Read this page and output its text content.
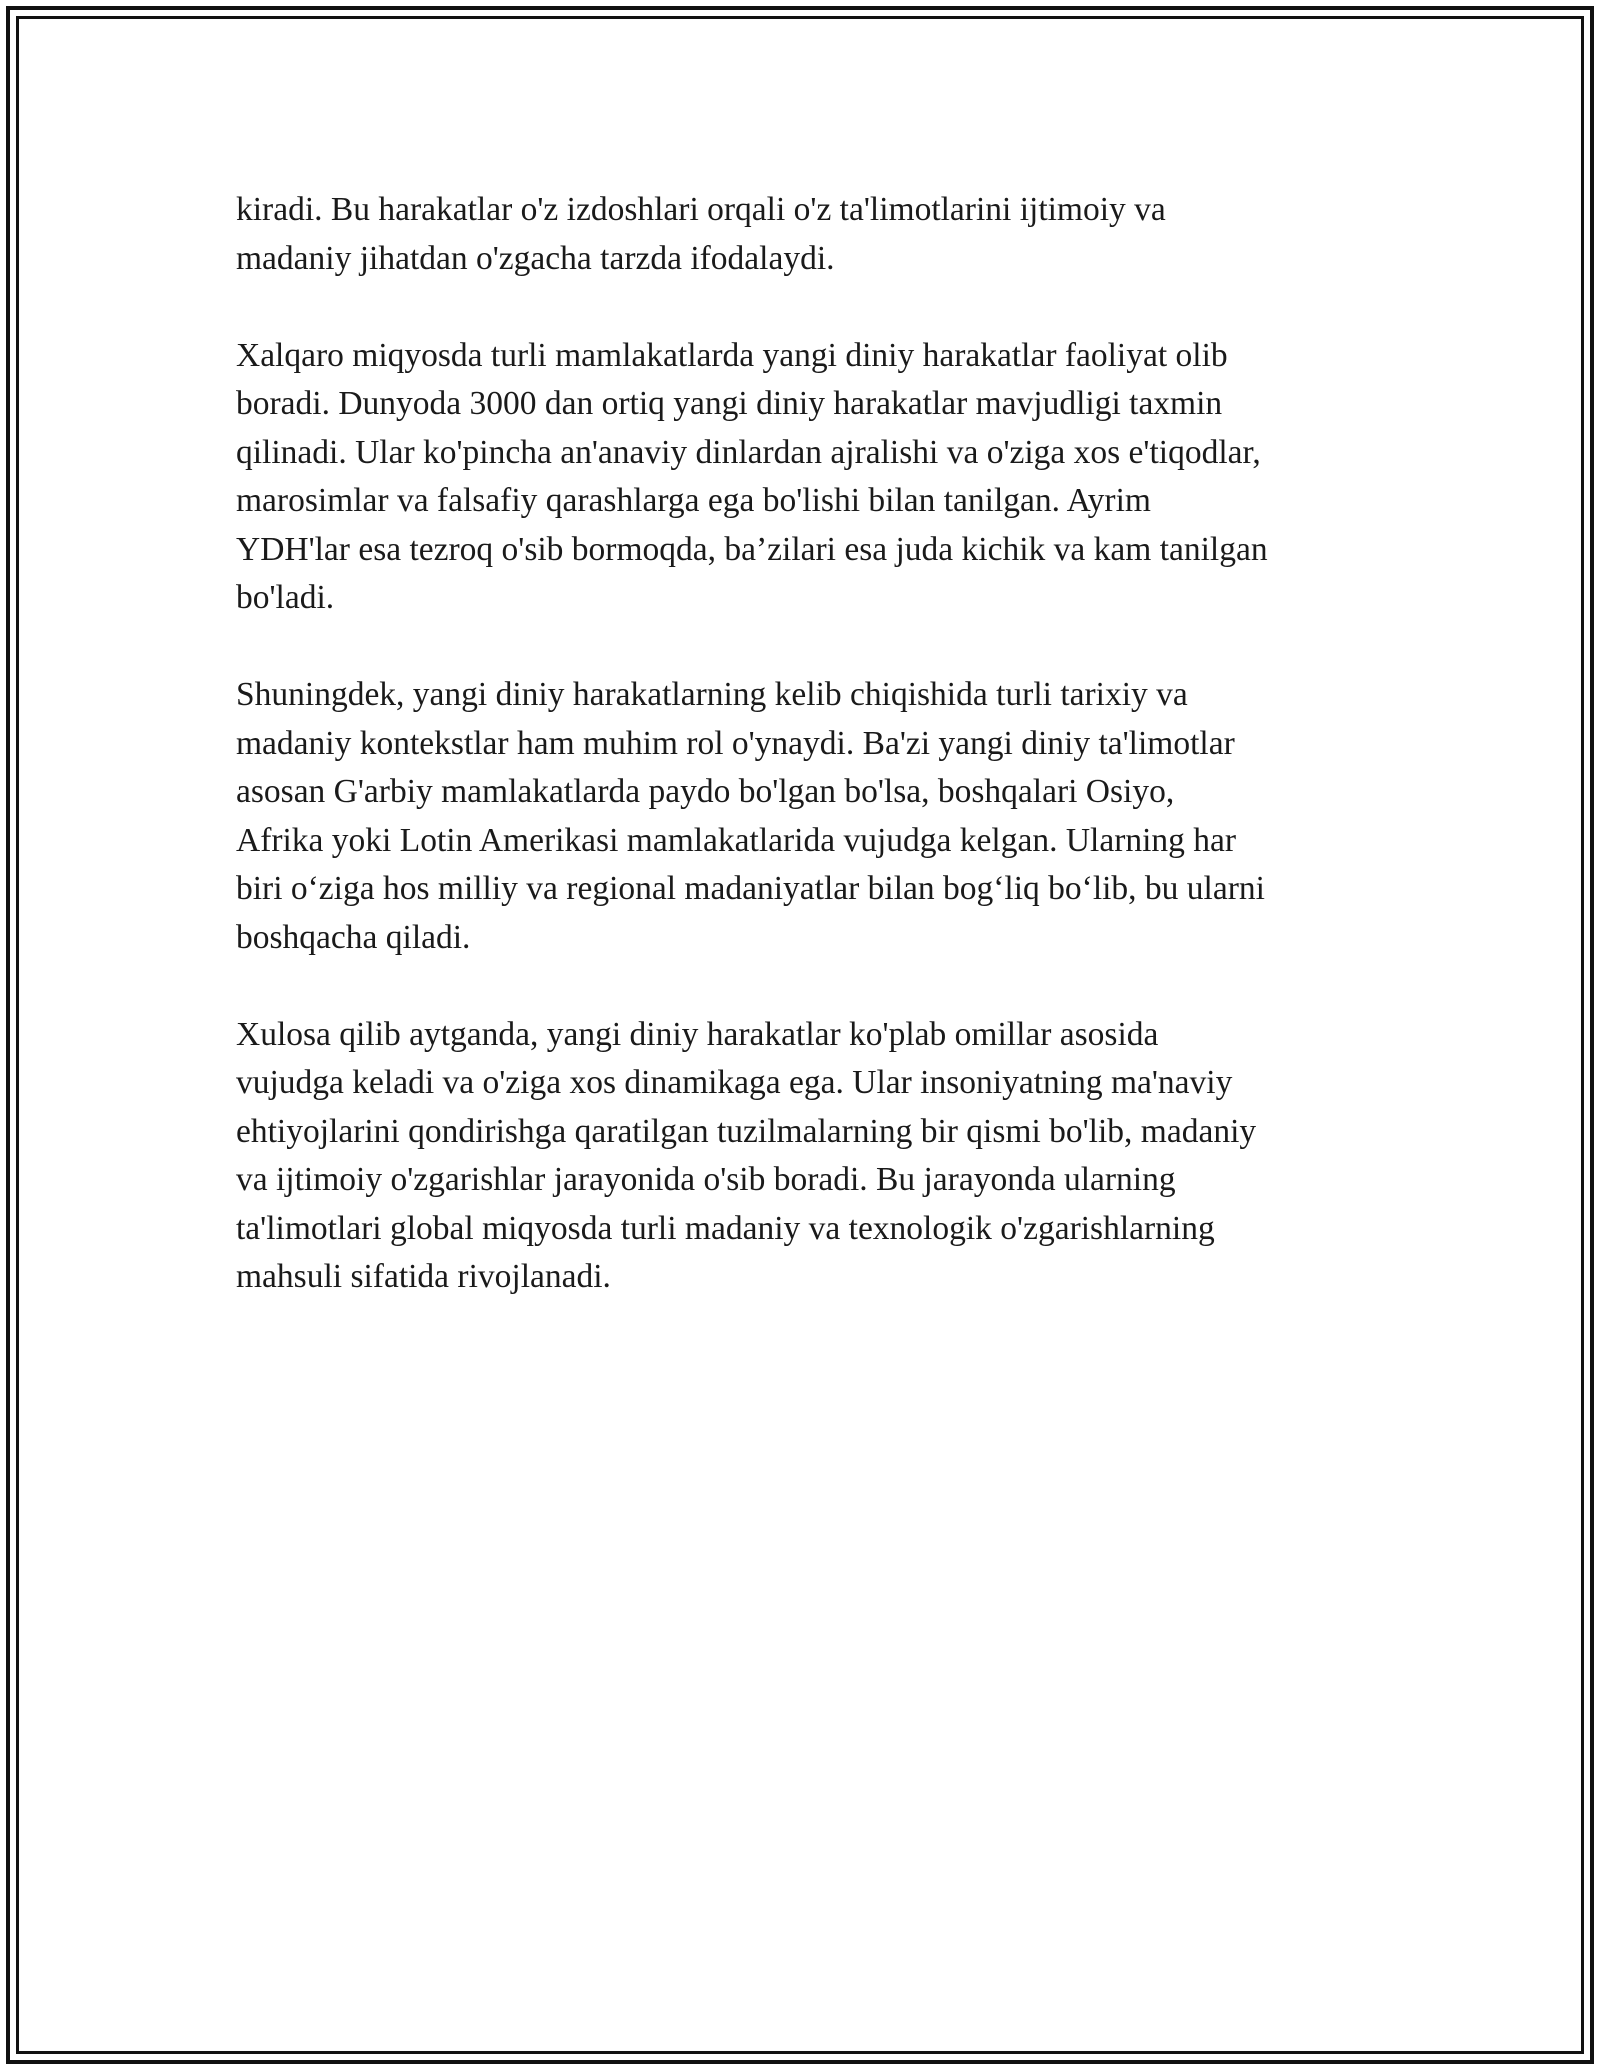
kiradi. Bu harakatlar o'z izdoshlari orqali o'z ta'limotlarini ijtimoiy va
madaniy jihatdan o'zgacha tarzda ifodalaydi.

Xalqaro miqyosda turli mamlakatlarda yangi diniy harakatlar faoliyat olib
boradi. Dunyoda 3000 dan ortiq yangi diniy harakatlar mavjudligi taxmin
qilinadi. Ular ko'pincha an'anaviy dinlardan ajralishi va o'ziga xos e'tiqodlar,
marosimlar va falsafiy qarashlarga ega bo'lishi bilan tanilgan. Ayrim
YDH'lar esa tezroq o'sib bormoqda, ba’zilari esa juda kichik va kam tanilgan
bo'ladi.

Shuningdek, yangi diniy harakatlarning kelib chiqishida turli tarixiy va
madaniy kontekstlar ham muhim rol o'ynaydi. Ba'zi yangi diniy ta'limotlar
asosan G'arbiy mamlakatlarda paydo bo'lgan bo'lsa, boshqalari Osiyo,
Afrika yoki Lotin Amerikasi mamlakatlarida vujudga kelgan. Ularning har
biri o‘ziga hos milliy va regional madaniyatlar bilan bog‘liq bo‘lib, bu ularni
boshqacha qiladi.

Xulosa qilib aytganda, yangi diniy harakatlar ko'plab omillar asosida
vujudga keladi va o'ziga xos dinamikaga ega. Ular insoniyatning ma'naviy
ehtiyojlarini qondirishga qaratilgan tuzilmalarning bir qismi bo'lib, madaniy
va ijtimoiy o'zgarishlar jarayonida o'sib boradi. Bu jarayonda ularning
ta'limotlari global miqyosda turli madaniy va texnologik o'zgarishlarning
mahsuli sifatida rivojlanadi.
